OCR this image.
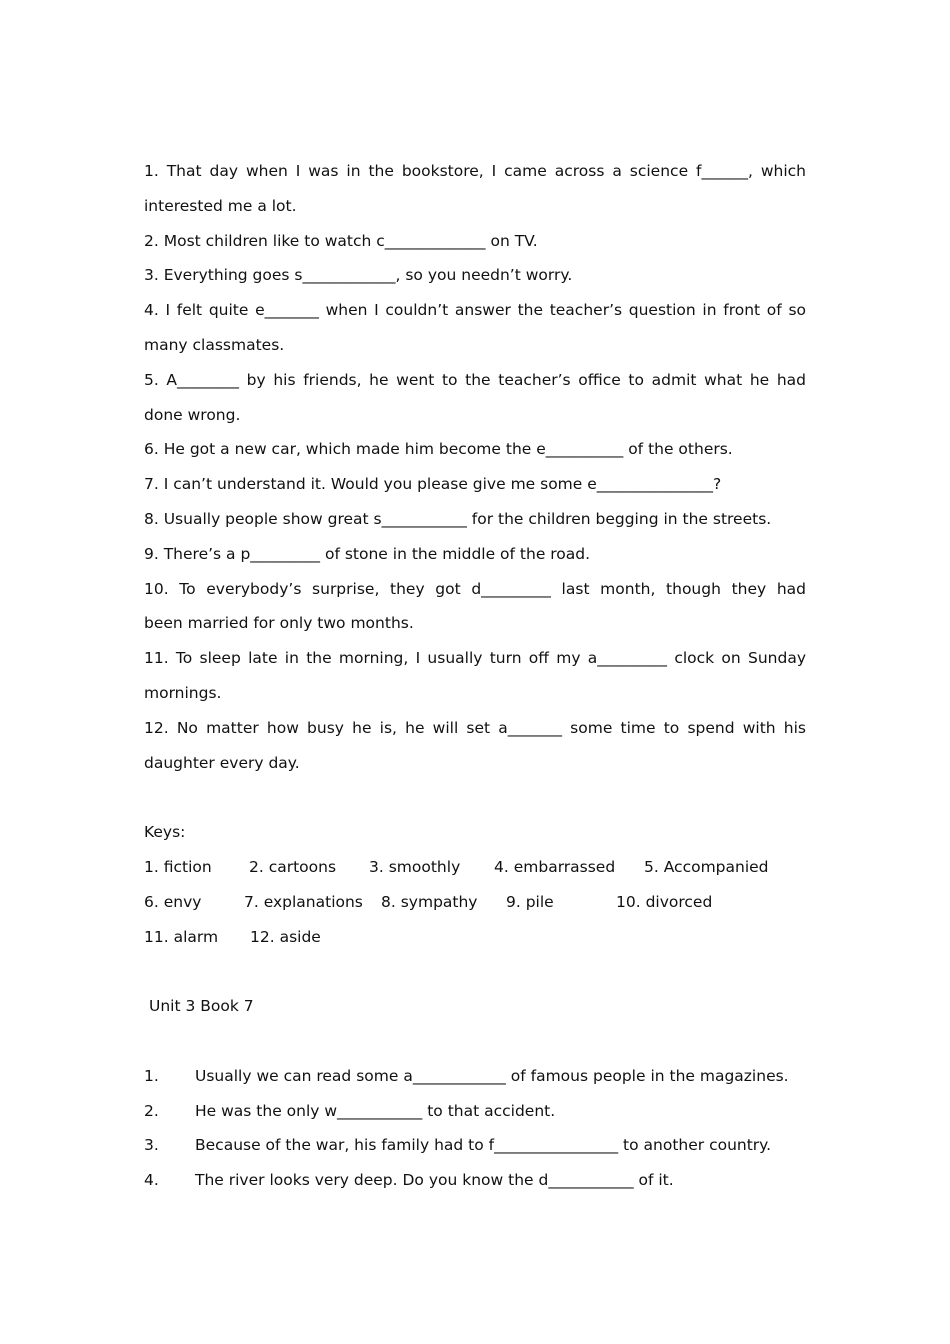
1. That day when I was in the bookstore, I came across a science f______, which
interested me a lot.
2. Most children like to watch c_____________ on TV.
3. Everything goes s____________, so you needn’t worry.
4. I felt quite e_______ when I couldn’t answer the teacher’s question in front of so
many classmates.
5. A________ by his friends, he went to the teacher’s office to admit what he had
done wrong.
6. He got a new car, which made him become the e__________ of the others.
7. I can’t understand it. Would you please give me some e_______________?
8. Usually people show great s___________ for the children begging in the streets.
9. There’s a p_________ of stone in the middle of the road.
10. To everybody’s surprise, they got d_________ last month, though they had
been married for only two months.
11. To sleep late in the morning, I usually turn off my a_________ clock on Sunday
mornings.
12. No matter how busy he is, he will set a_______ some time to spend with his
daughter every day.
Keys:
1. fiction 2. cartoons 3. smoothly 4. embarrassed 5. Accompanied
6. envy	7. explanations 8. sympathy 9. pile	10. divorced
11. alarm 12. aside
Unit 3 Book 7
1. Usually we can read some a____________ of famous people in the magazines.
2. He was the only w___________ to that accident.
3. Because of the war, his family had to f________________ to another country.
4. The river looks very deep. Do you know the d___________ of it.
